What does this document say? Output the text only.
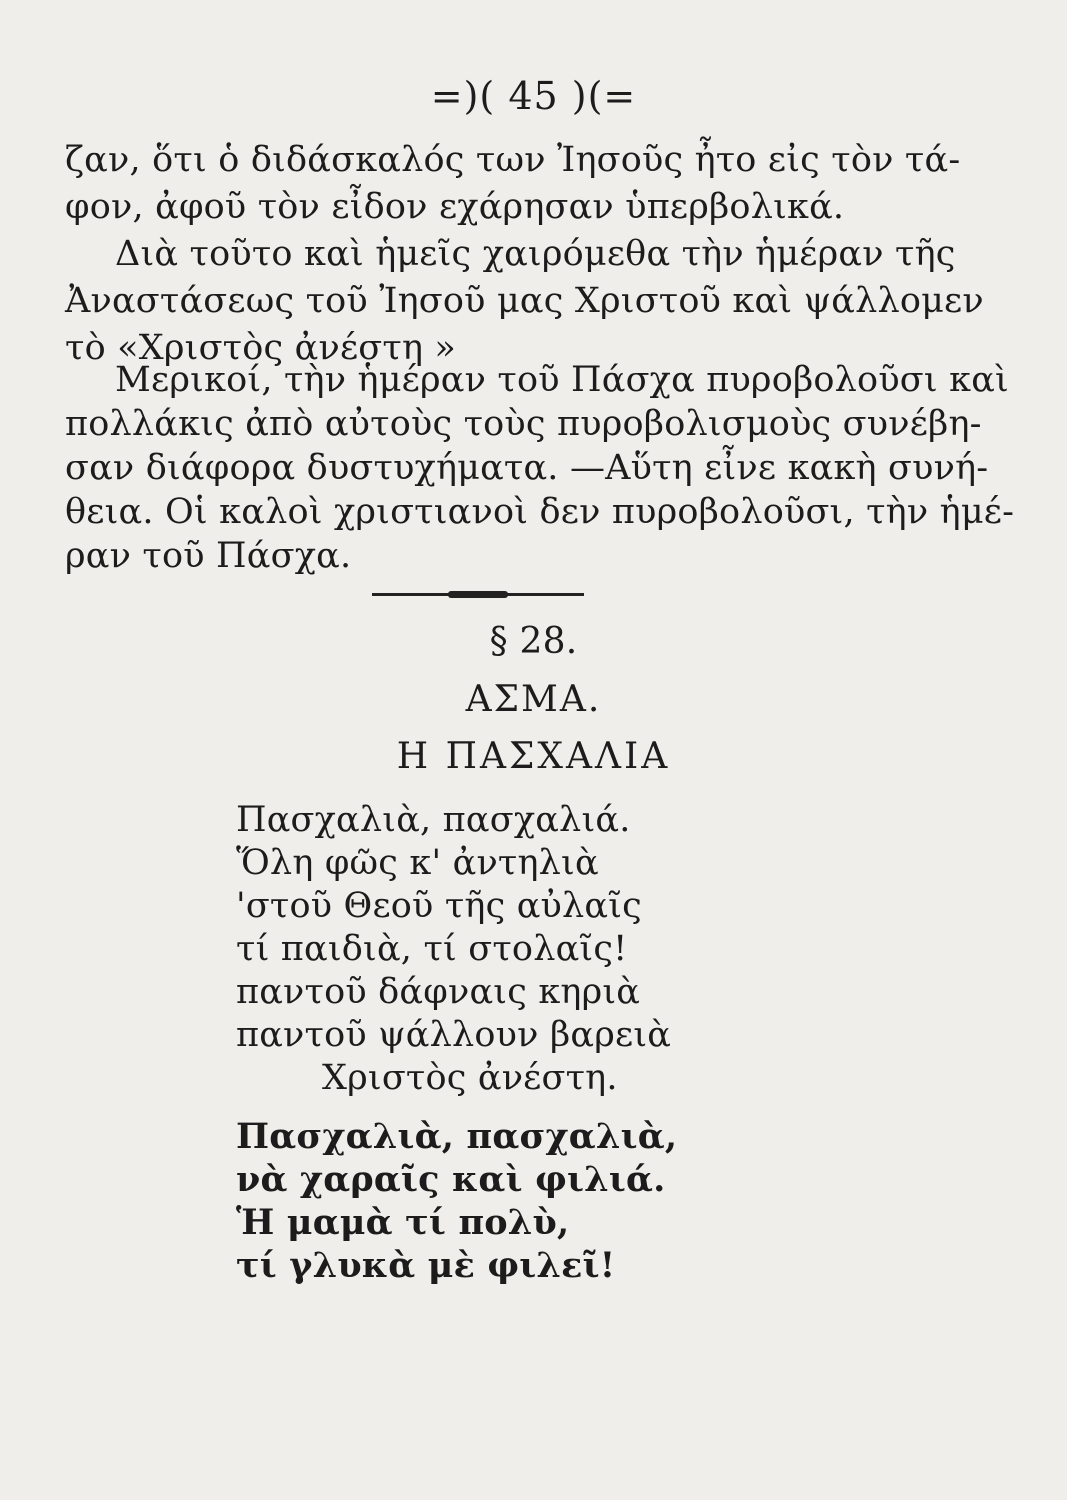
=)( 45 )(=
ζαν, ὅτι ὁ διδάσκαλός των Ἰησοῦς ἦτο εἰς τὸν τά-
φον, ἀφοῦ τὸν εἶδον εχάρησαν ὑπερβολικά.
Διὰ τοῦτο καὶ ἡμεῖς χαιρόμεθα τὴν ἡμέραν τῆς
Ἀναστάσεως τοῦ Ἰησοῦ μας Χριστοῦ καὶ ψάλλομεν
τὸ «Χριστὸς ἀνέστη »
Μερικοί, τὴν ἡμέραν τοῦ Πάσχα πυροβολοῦσι καὶ
πολλάκις ἀπὸ αὐτοὺς τοὺς πυροβολισμοὺς συνέβη-
σαν διάφορα δυστυχήματα. —Αὕτη εἶνε κακὴ συνή-
θεια. Οἱ καλοὶ χριστιανοὶ δεν πυροβολοῦσι, τὴν ἡμέ-
ραν τοῦ Πάσχα.
§ 28.
ΑΣΜΑ.
Η ΠΑΣΧΑΛΙΑ
Πασχαλιὰ, πασχαλιά.
Ὅλη φῶς κ' ἀντηλιὰ
'στοῦ Θεοῦ τῆς αὐλαῖς
τί παιδιὰ, τί στολαῖς!
παντοῦ δάφναις κηριὰ
παντοῦ ψάλλουν βαρειὰ
Χριστὸς ἀνέστη.
Πασχαλιὰ, πασχαλιὰ,
νὰ χαραῖς καὶ φιλιά.
Ἡ μαμὰ τί πολὺ,
τί γλυκὰ μὲ φιλεῖ!
